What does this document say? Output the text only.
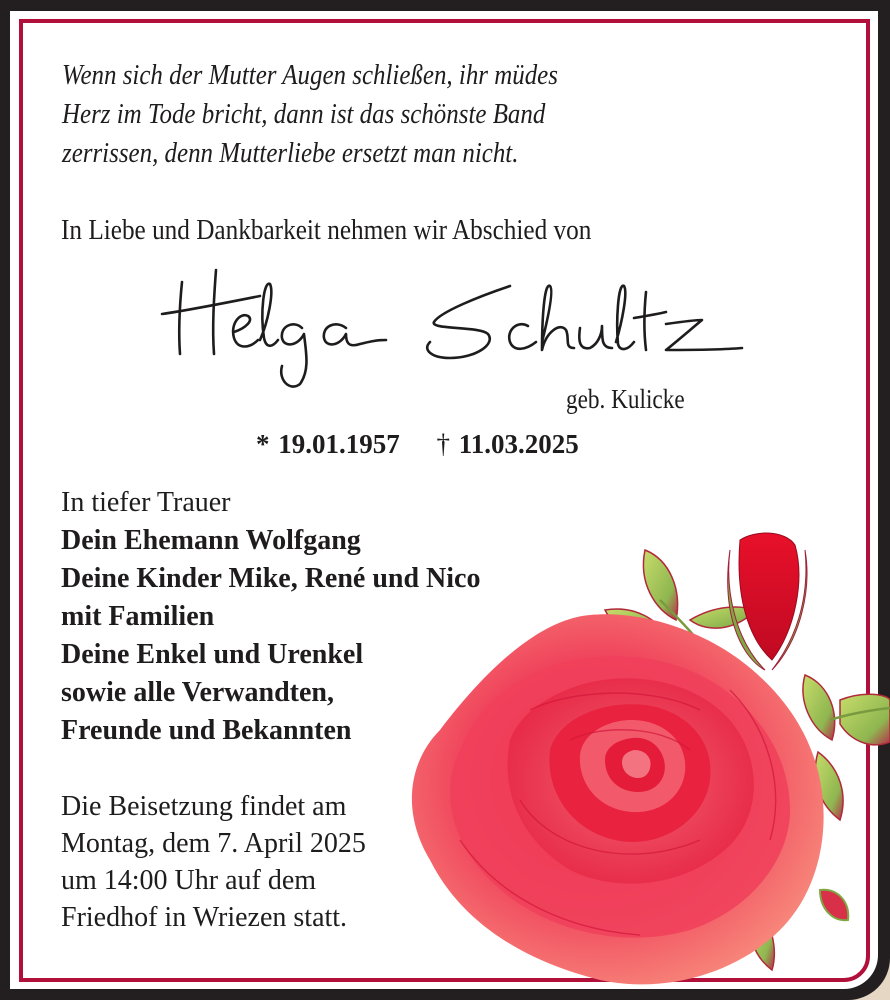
Wenn sich der Mutter Augen schließen, ihr müdes
Herz im Tode bricht, dann ist das schönste Band
zerrissen, denn Mutterliebe ersetzt man nicht.
In Liebe und Dankbarkeit nehmen wir Abschied von
geb. Kulicke
* 19.01.1957 † 11.03.2025
In tiefer Trauer
Dein Ehemann Wolfgang
Deine Kinder Mike, René und Nico
mit Familien
Deine Enkel und Urenkel
sowie alle Verwandten,
Freunde und Bekannten
Die Beisetzung findet am
Montag, dem 7. April 2025
um 14:00 Uhr auf dem
Friedhof in Wriezen statt.
